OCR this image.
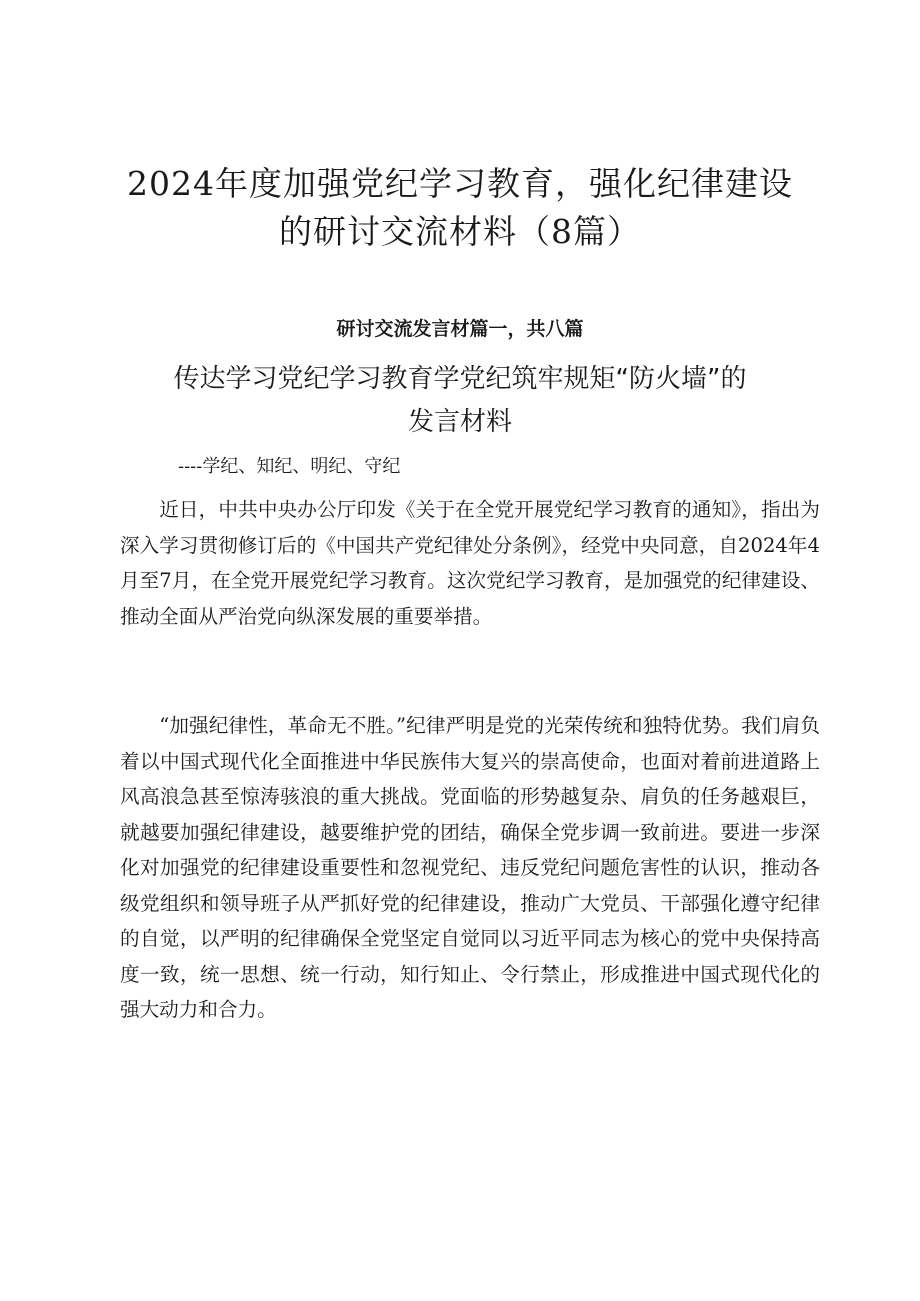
2024年度加强党纪学习教育，强化纪律建设
的研讨交流材料（8篇）

研讨交流发言材篇一，共八篇

传达学习党纪学习教育学党纪筑牢规矩“防火墙”的
发言材料

----学纪、知纪、明纪、守纪

近日，中共中央办公厅印发《关于在全党开展党纪学习教育的通知》，指出为深入学习贯彻修订后的《中国共产党纪律处分条例》，经党中央同意，自2024年4月至7月，在全党开展党纪学习教育。这次党纪学习教育，是加强党的纪律建设、推动全面从严治党向纵深发展的重要举措。

“加强纪律性，革命无不胜。”纪律严明是党的光荣传统和独特优势。我们肩负着以中国式现代化全面推进中华民族伟大复兴的崇高使命，也面对着前进道路上风高浪急甚至惊涛骇浪的重大挑战。党面临的形势越复杂、肩负的任务越艰巨，就越要加强纪律建设，越要维护党的团结，确保全党步调一致前进。要进一步深化对加强党的纪律建设重要性和忽视党纪、违反党纪问题危害性的认识，推动各级党组织和领导班子从严抓好党的纪律建设，推动广大党员、干部强化遵守纪律的自觉，以严明的纪律确保全党坚定自觉同以习近平同志为核心的党中央保持高度一致，统一思想、统一行动，知行知止、令行禁止，形成推进中国式现代化的强大动力和合力。
